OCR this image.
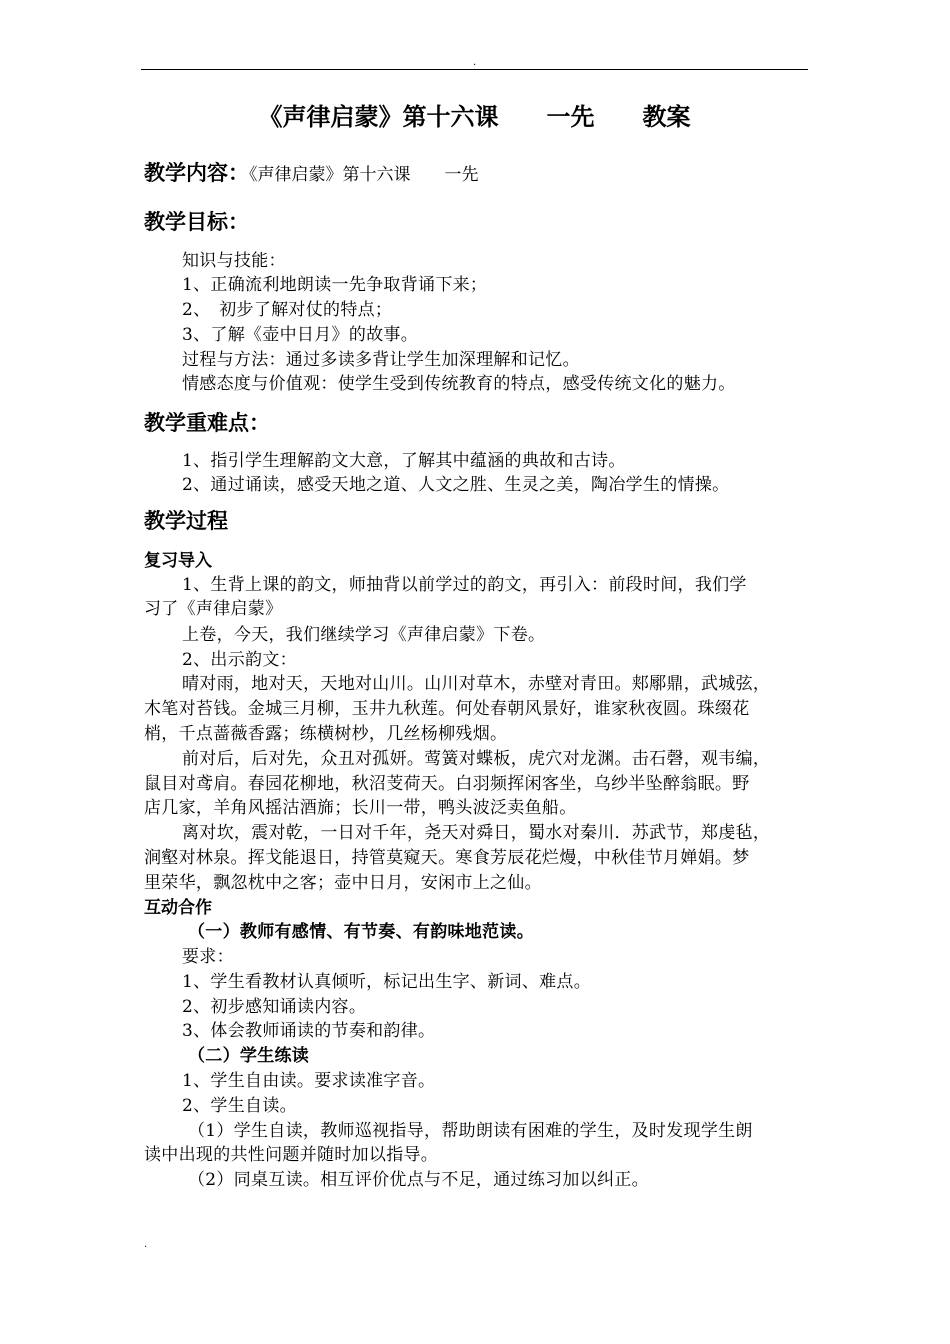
.
《声律启蒙》第十六课　　一先　　教案
教学内容：《声律启蒙》第十六课　　一先
教学目标：
知识与技能：
1、正确流利地朗读一先争取背诵下来；
2、　初步了解对仗的特点；
3、了解《壶中日月》的故事。
过程与方法：通过多读多背让学生加深理解和记忆。
情感态度与价值观：使学生受到传统教育的特点，感受传统文化的魅力。
教学重难点：
1、指引学生理解韵文大意，了解其中蕴涵的典故和古诗。
2、通过诵读，感受天地之道、人文之胜、生灵之美，陶冶学生的情操。
教学过程
复习导入
1、生背上课的韵文，师抽背以前学过的韵文，再引入：前段时间，我们学
习了《声律启蒙》
上卷，今天，我们继续学习《声律启蒙》下卷。
2、出示韵文：
晴对雨，地对天，天地对山川。山川对草木，赤壁对青田。郏鄏鼎，武城弦，
木笔对苔钱。金城三月柳，玉井九秋莲。何处春朝风景好，谁家秋夜圆。珠缀花
梢，千点蔷薇香露；练横树杪，几丝杨柳残烟。
前对后，后对先，众丑对孤妍。莺簧对蝶板，虎穴对龙渊。击石磬，观韦编，
鼠目对鸢肩。春园花柳地，秋沼芰荷天。白羽频挥闲客坐，乌纱半坠醉翁眠。野
店几家，羊角风摇沽酒旆；长川一带，鸭头波泛卖鱼船。
离对坎，震对乾，一日对千年，尧天对舜日，蜀水对秦川．苏武节，郑虔毡，
涧壑对林泉。挥戈能退日，持管莫窥天。寒食芳辰花烂熳，中秋佳节月婵娟。梦
里荣华，飘忽枕中之客；壶中日月，安闲市上之仙。
互动合作
（一）教师有感情、有节奏、有韵味地范读。
要求：
1、学生看教材认真倾听，标记出生字、新词、难点。
2、初步感知诵读内容。
3、体会教师诵读的节奏和韵律。
（二）学生练读
1、学生自由读。要求读准字音。
2、学生自读。
（1）学生自读，教师巡视指导，帮助朗读有困难的学生，及时发现学生朗
读中出现的共性问题并随时加以指导。
（2）同桌互读。相互评价优点与不足，通过练习加以纠正。
.
